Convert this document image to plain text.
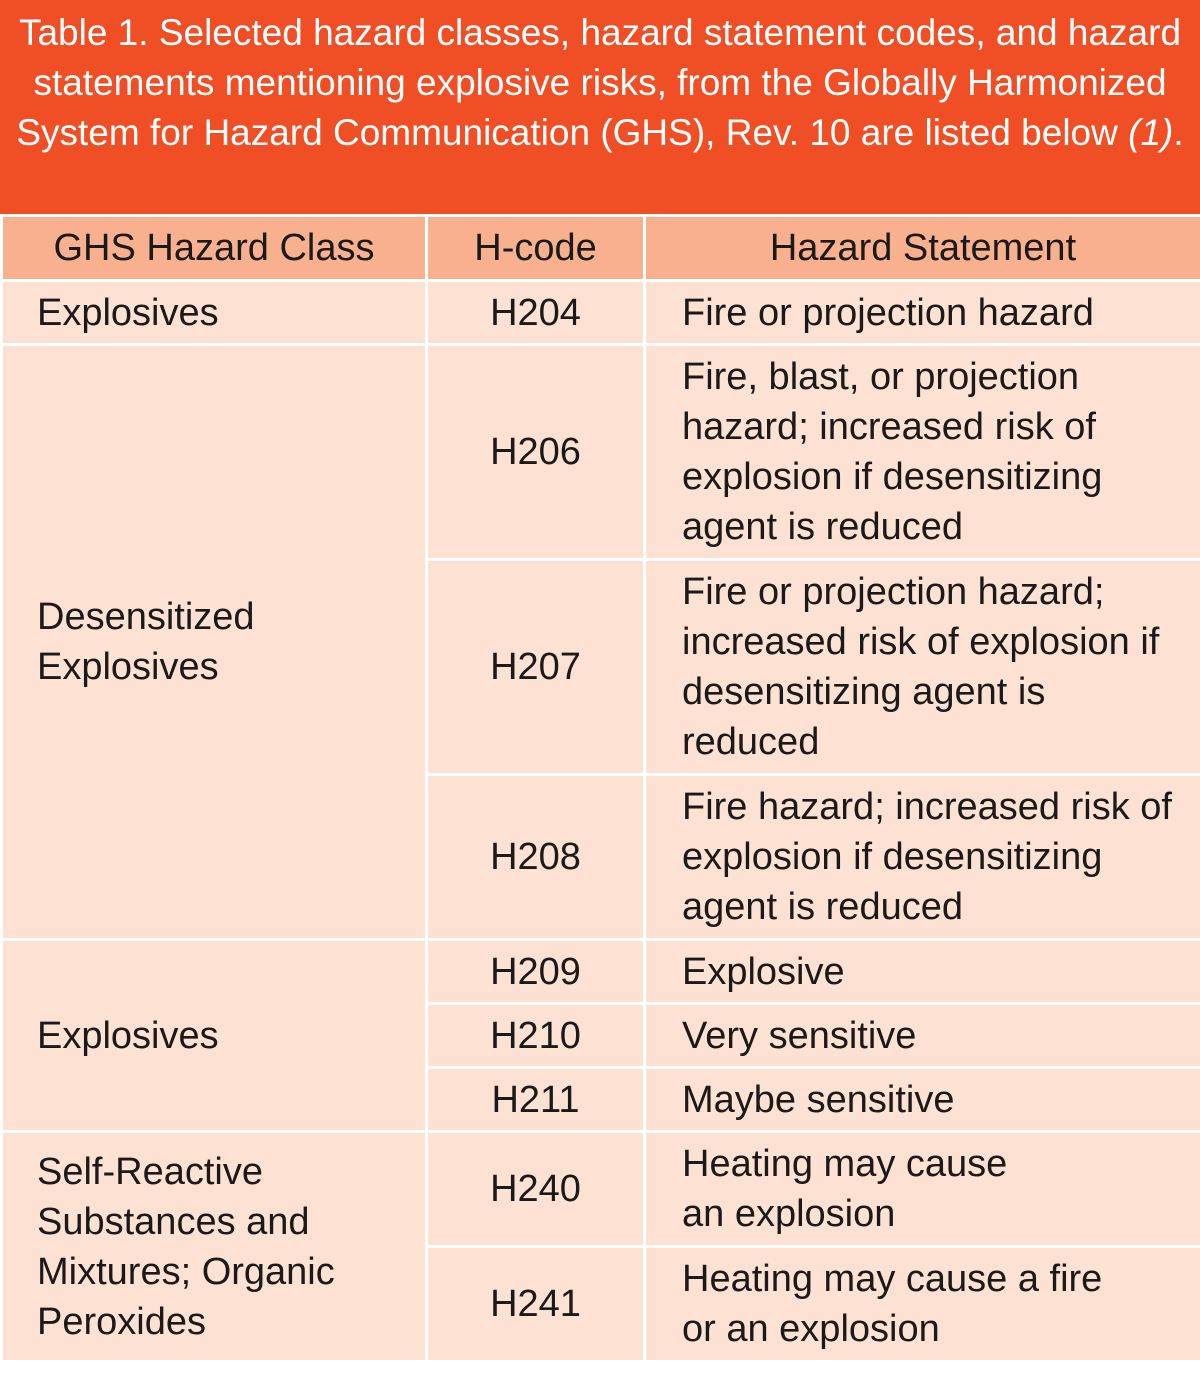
Table 1. Selected hazard classes, hazard statement codes, and hazard statements mentioning explosive risks, from the Globally Harmonized System for Hazard Communication (GHS), Rev. 10 are listed below (1).
GHS Hazard Class	H-code	Hazard Statement
Explosives	H204	Fire or projection hazard
Desensitized Explosives	H206	Fire, blast, or projection hazard; increased risk of explosion if desensitizing agent is reduced
	H207	Fire or projection hazard; increased risk of explosion if desensitizing agent is reduced
	H208	Fire hazard; increased risk of explosion if desensitizing agent is reduced
Explosives	H209	Explosive
	H210	Very sensitive
	H211	Maybe sensitive
Self-Reactive Substances and Mixtures; Organic Peroxides	H240	Heating may cause an explosion
	H241	Heating may cause a fire or an explosion
